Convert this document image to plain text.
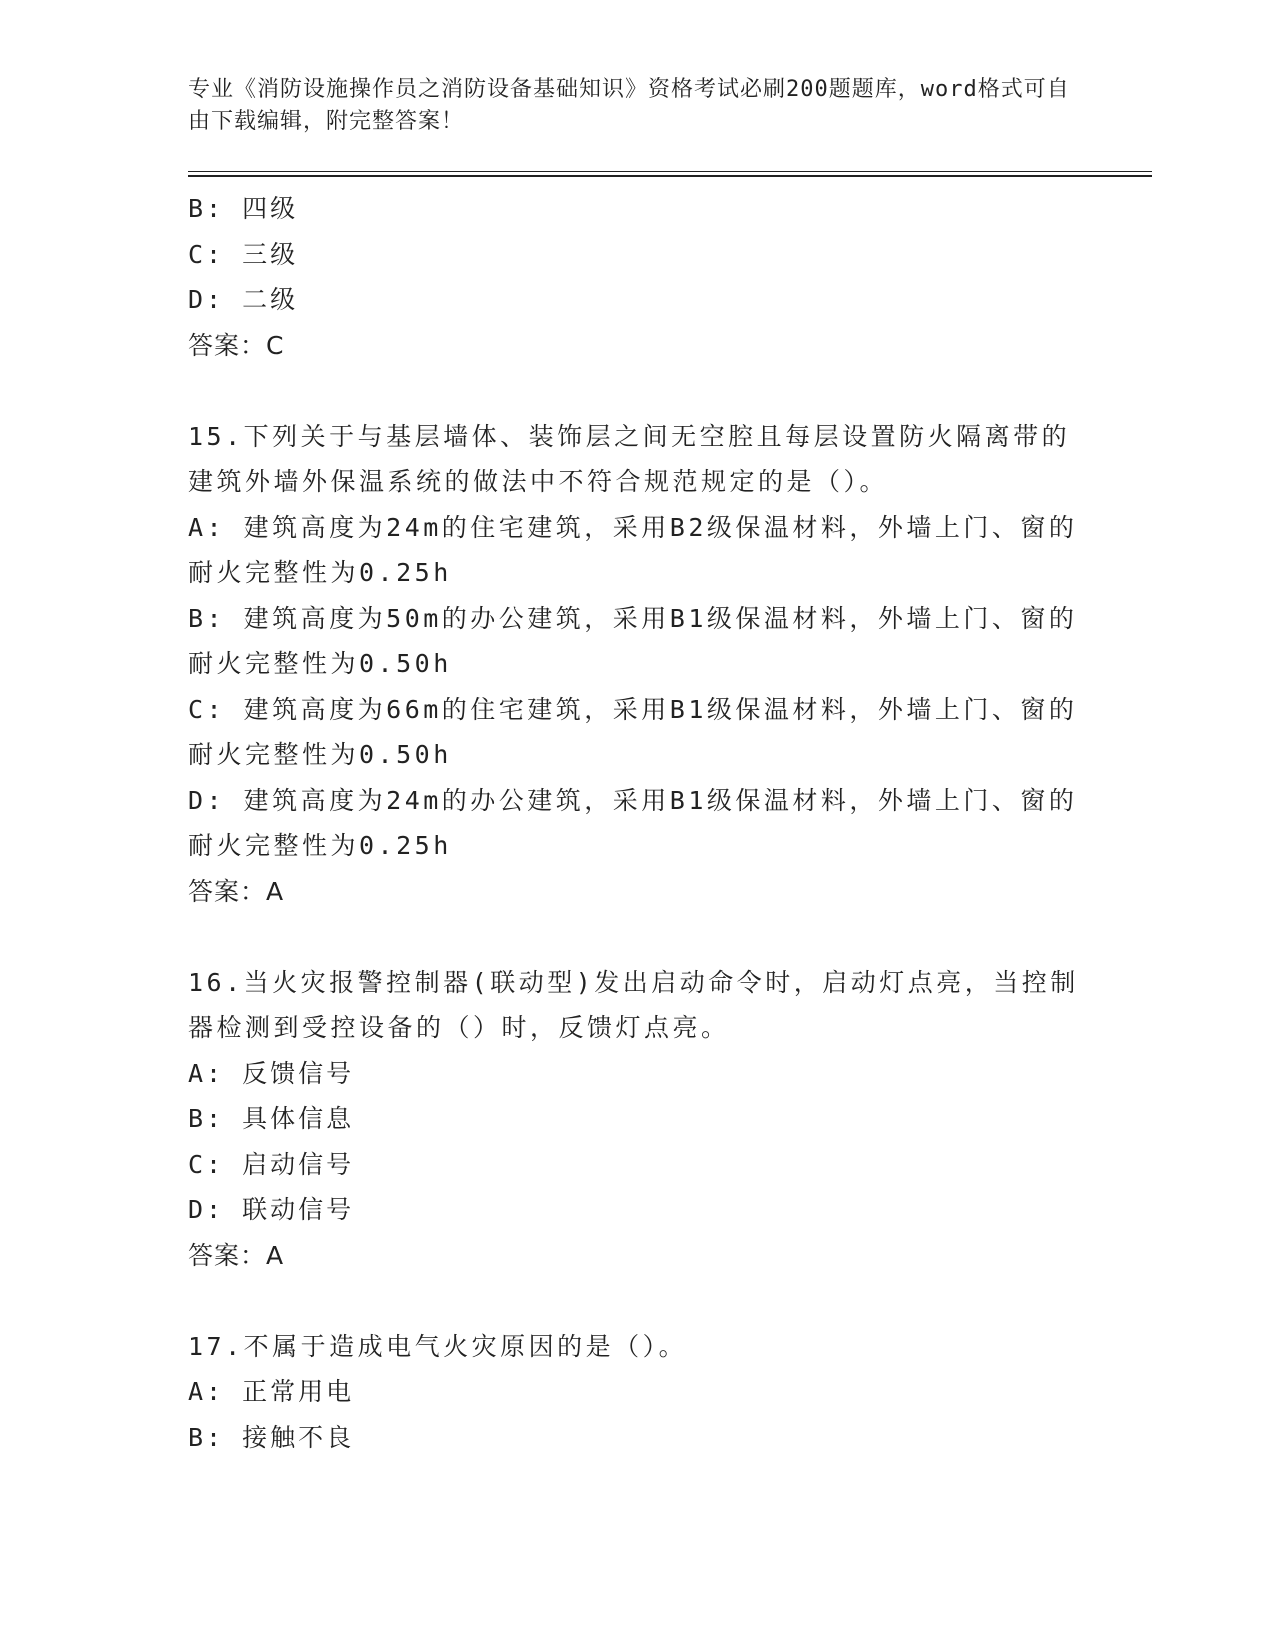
专业《消防设施操作员之消防设备基础知识》资格考试必刷200题题库，word格式可自由下载编辑，附完整答案！
B: 四级
C: 三级
D: 二级
答案：C
15.下列关于与基层墙体、装饰层之间无空腔且每层设置防火隔离带的建筑外墙外保温系统的做法中不符合规范规定的是（）。
A: 建筑高度为24m的住宅建筑，采用B2级保温材料，外墙上门、窗的耐火完整性为0.25h
B: 建筑高度为50m的办公建筑，采用B1级保温材料，外墙上门、窗的耐火完整性为0.50h
C: 建筑高度为66m的住宅建筑，采用B1级保温材料，外墙上门、窗的耐火完整性为0.50h
D: 建筑高度为24m的办公建筑，采用B1级保温材料，外墙上门、窗的耐火完整性为0.25h
答案：A
16.当火灾报警控制器(联动型)发出启动命令时，启动灯点亮，当控制器检测到受控设备的（）时，反馈灯点亮。
A: 反馈信号
B: 具体信息
C: 启动信号
D: 联动信号
答案：A
17.不属于造成电气火灾原因的是（）。
A: 正常用电
B: 接触不良
